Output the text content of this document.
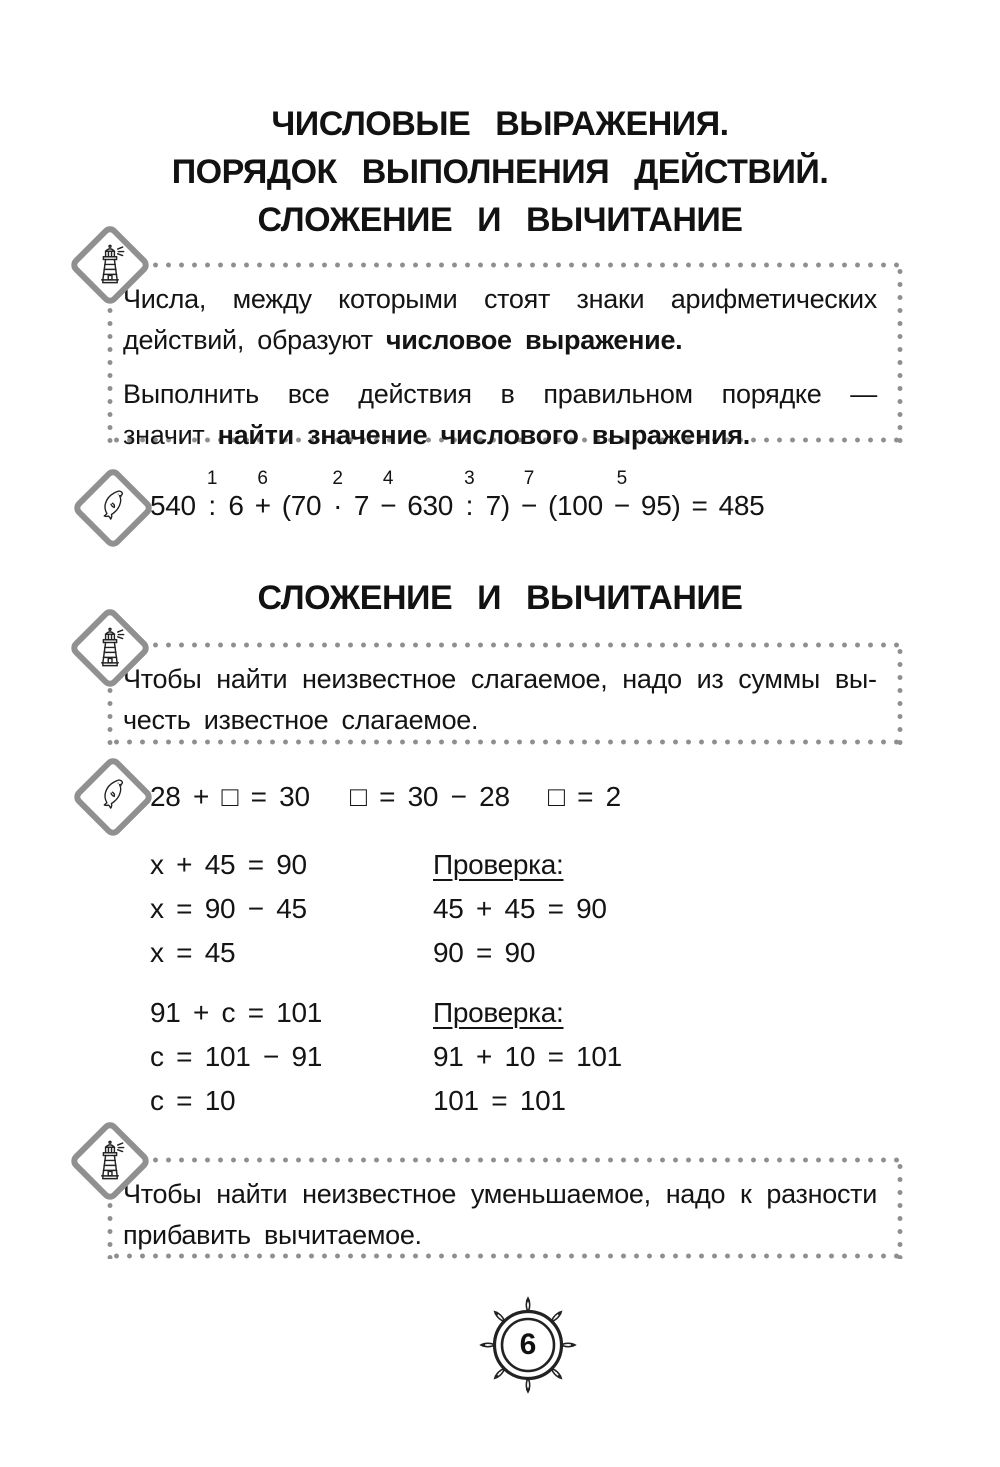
ЧИСЛОВЫЕ ВЫРАЖЕНИЯ.
ПОРЯДОК ВЫПОЛНЕНИЯ ДЕЙСТВИЙ.
СЛОЖЕНИЕ И ВЫЧИТАНИЕ

Числа, между которыми стоят знаки арифметических действий, образуют числовое выражение.

Выполнить все действия в правильном порядке — значит найти значение числового выражения.

540
1
:
6
6
+
(70
2
·
7
4
−
630
3
:
7)
7
−
(100
5
−
95)
=
485
СЛОЖЕНИЕ И ВЫЧИТАНИЕ

Чтобы найти неизвестное слагаемое, надо из суммы вычесть известное слагаемое.

28 + □ = 30 □ = 30 − 28 □ = 2
x + 45 = 90
x = 90 − 45
x = 45
Проверка:
45 + 45 = 90
90 = 90
91 + c = 101
c = 101 − 91
c = 10
Проверка:
91 + 10 = 101
101 = 101

Чтобы найти неизвестное уменьшаемое, надо к разности прибавить вычитаемое.

6
